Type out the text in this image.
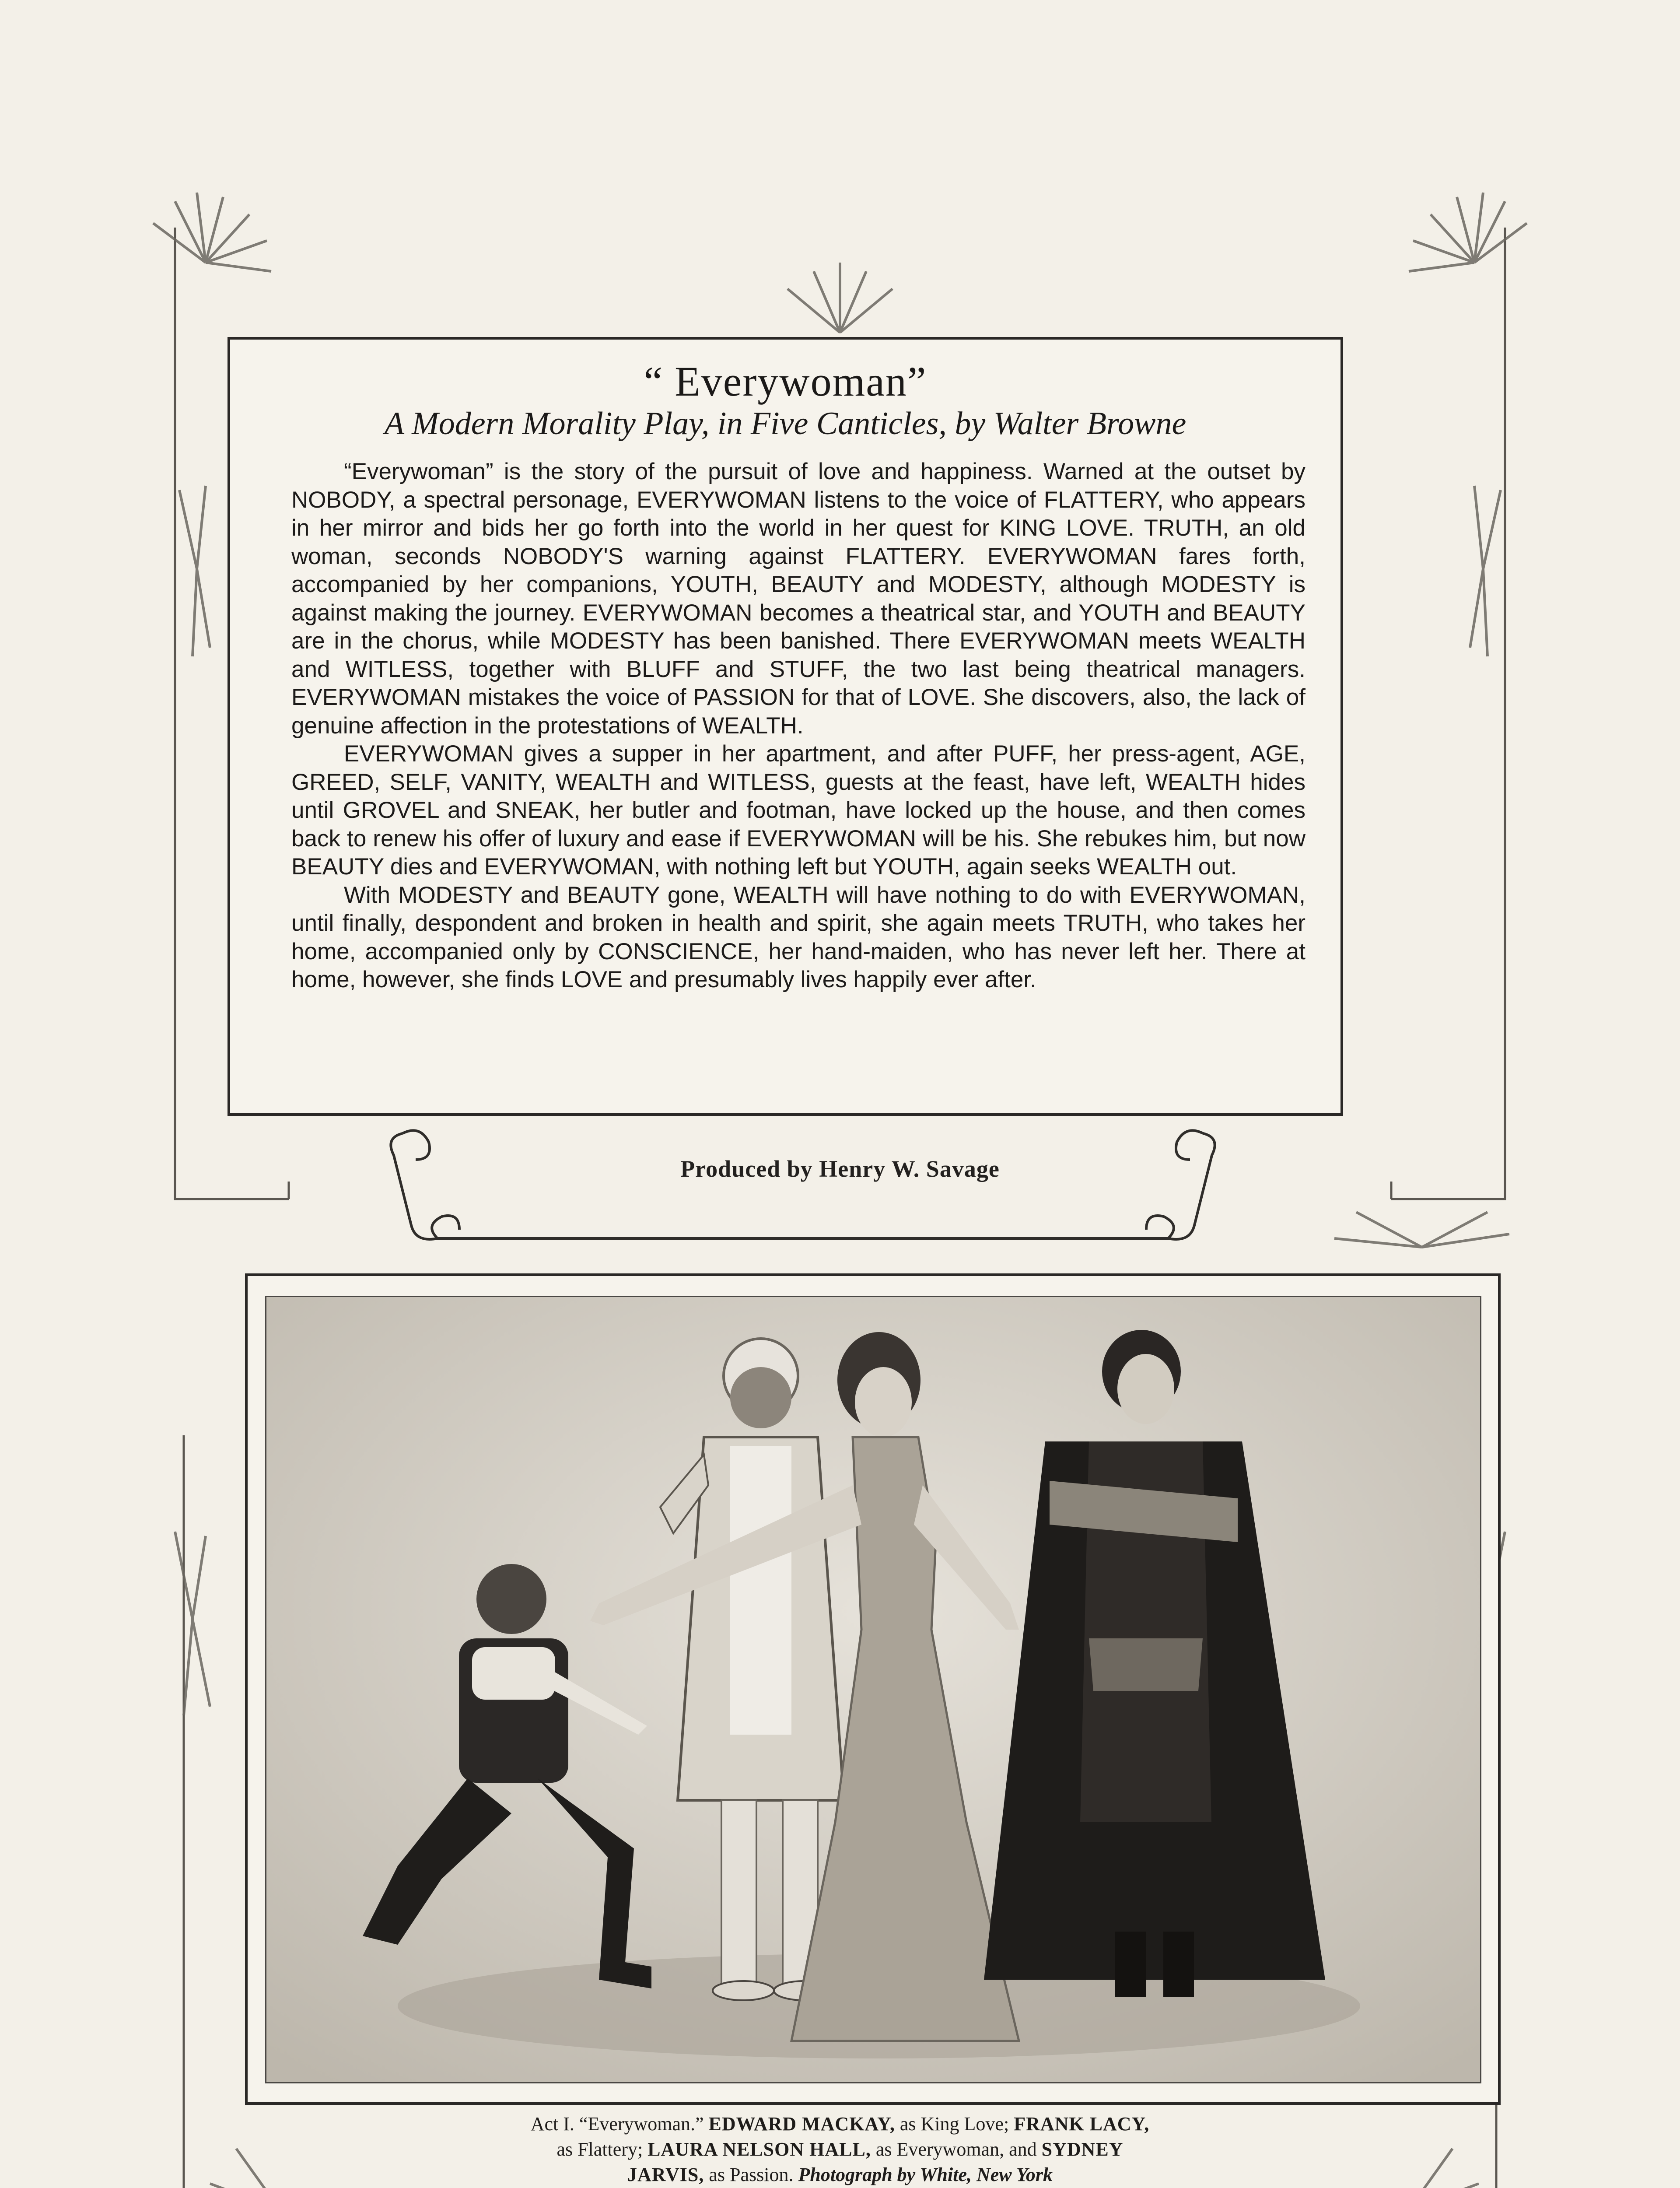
“ Everywoman”
A Modern Morality Play, in Five Canticles, by Walter Browne

“Everywoman” is the story of the pursuit of love and happiness. Warned at the outset by NOBODY, a spectral personage, EVERYWOMAN listens to the voice of FLATTERY, who appears in her mirror and bids her go forth into the world in her quest for KING LOVE. TRUTH, an old woman, seconds NOBODY'S warning against FLATTERY. EVERYWOMAN fares forth, accompanied by her companions, YOUTH, BEAUTY and MODESTY, although MODESTY is against making the journey. EVERYWOMAN becomes a theatrical star, and YOUTH and BEAUTY are in the chorus, while MODESTY has been banished. There EVERYWOMAN meets WEALTH and WITLESS, together with BLUFF and STUFF, the two last being theatrical managers. EVERYWOMAN mistakes the voice of PASSION for that of LOVE. She discovers, also, the lack of genuine affection in the protestations of WEALTH.

EVERYWOMAN gives a supper in her apartment, and after PUFF, her press-agent, AGE, GREED, SELF, VANITY, WEALTH and WITLESS, guests at the feast, have left, WEALTH hides until GROVEL and SNEAK, her butler and footman, have locked up the house, and then comes back to renew his offer of luxury and ease if EVERYWOMAN will be his. She rebukes him, but now BEAUTY dies and EVERYWOMAN, with nothing left but YOUTH, again seeks WEALTH out.

With MODESTY and BEAUTY gone, WEALTH will have nothing to do with EVERYWOMAN, until finally, despondent and broken in health and spirit, she again meets TRUTH, who takes her home, accompanied only by CONSCIENCE, her hand-maiden, who has never left her. There at home, however, she finds LOVE and presumably lives happily ever after.

Produced by Henry W. Savage
Act I. “Everywoman.” EDWARD MACKAY, as King Love; FRANK LACY,
as Flattery; LAURA NELSON HALL, as Everywoman, and SYDNEY
JARVIS, as Passion. Photograph by White, New York
